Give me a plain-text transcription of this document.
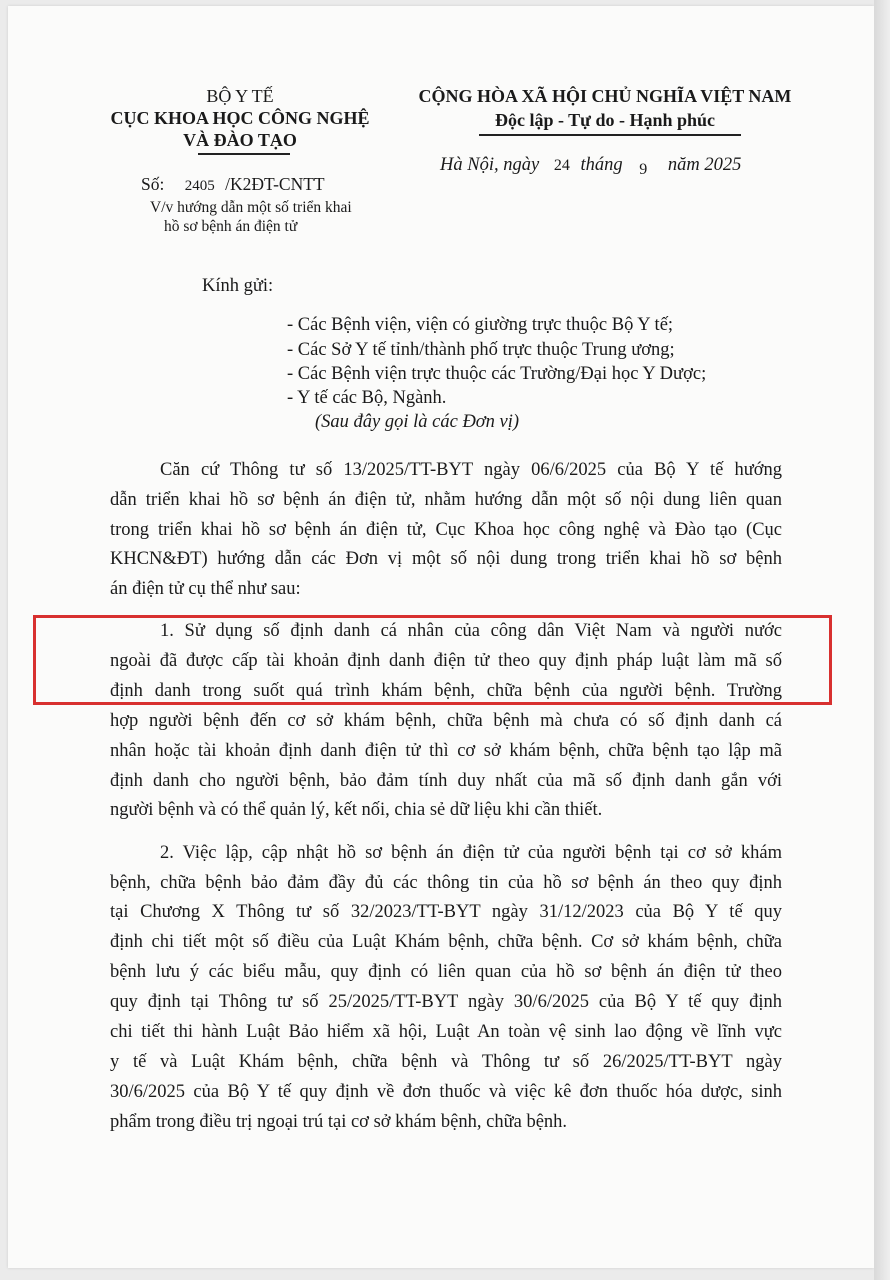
BỘ Y TẾ
CỤC KHOA HỌC CÔNG NGHỆ
VÀ ĐÀO TẠO
CỘNG HÒA XÃ HỘI CHỦ NGHĨA VIỆT NAM
Độc lập - Tự do - Hạnh phúc
Hà Nội, ngày 24 tháng 9 năm 2025
Số: 2405 /K2ĐT-CNTT
V/v hướng dẫn một số triển khai
hồ sơ bệnh án điện tử
Kính gửi:
- Các Bệnh viện, viện có giường trực thuộc Bộ Y tế;
- Các Sở Y tế tỉnh/thành phố trực thuộc Trung ương;
- Các Bệnh viện trực thuộc các Trường/Đại học Y Dược;
- Y tế các Bộ, Ngành.
(Sau đây gọi là các Đơn vị)
Căn cứ Thông tư số 13/2025/TT-BYT ngày 06/6/2025 của Bộ Y tế hướng
dẫn triển khai hồ sơ bệnh án điện tử, nhằm hướng dẫn một số nội dung liên quan
trong triển khai hồ sơ bệnh án điện tử, Cục Khoa học công nghệ và Đào tạo (Cục
KHCN&ĐT) hướng dẫn các Đơn vị một số nội dung trong triển khai hồ sơ bệnh
án điện tử cụ thể như sau:
1. Sử dụng số định danh cá nhân của công dân Việt Nam và người nước
ngoài đã được cấp tài khoản định danh điện tử theo quy định pháp luật làm mã số
định danh trong suốt quá trình khám bệnh, chữa bệnh của người bệnh. Trường
hợp người bệnh đến cơ sở khám bệnh, chữa bệnh mà chưa có số định danh cá
nhân hoặc tài khoản định danh điện tử thì cơ sở khám bệnh, chữa bệnh tạo lập mã
định danh cho người bệnh, bảo đảm tính duy nhất của mã số định danh gắn với
người bệnh và có thể quản lý, kết nối, chia sẻ dữ liệu khi cần thiết.
2. Việc lập, cập nhật hồ sơ bệnh án điện tử của người bệnh tại cơ sở khám
bệnh, chữa bệnh bảo đảm đầy đủ các thông tin của hồ sơ bệnh án theo quy định
tại Chương X Thông tư số 32/2023/TT-BYT ngày 31/12/2023 của Bộ Y tế quy
định chi tiết một số điều của Luật Khám bệnh, chữa bệnh. Cơ sở khám bệnh, chữa
bệnh lưu ý các biểu mẫu, quy định có liên quan của hồ sơ bệnh án điện tử theo
quy định tại Thông tư số 25/2025/TT-BYT ngày 30/6/2025 của Bộ Y tế quy định
chi tiết thi hành Luật Bảo hiểm xã hội, Luật An toàn vệ sinh lao động về lĩnh vực
y tế và Luật Khám bệnh, chữa bệnh và Thông tư số 26/2025/TT-BYT ngày
30/6/2025 của Bộ Y tế quy định về đơn thuốc và việc kê đơn thuốc hóa dược, sinh
phẩm trong điều trị ngoại trú tại cơ sở khám bệnh, chữa bệnh.
